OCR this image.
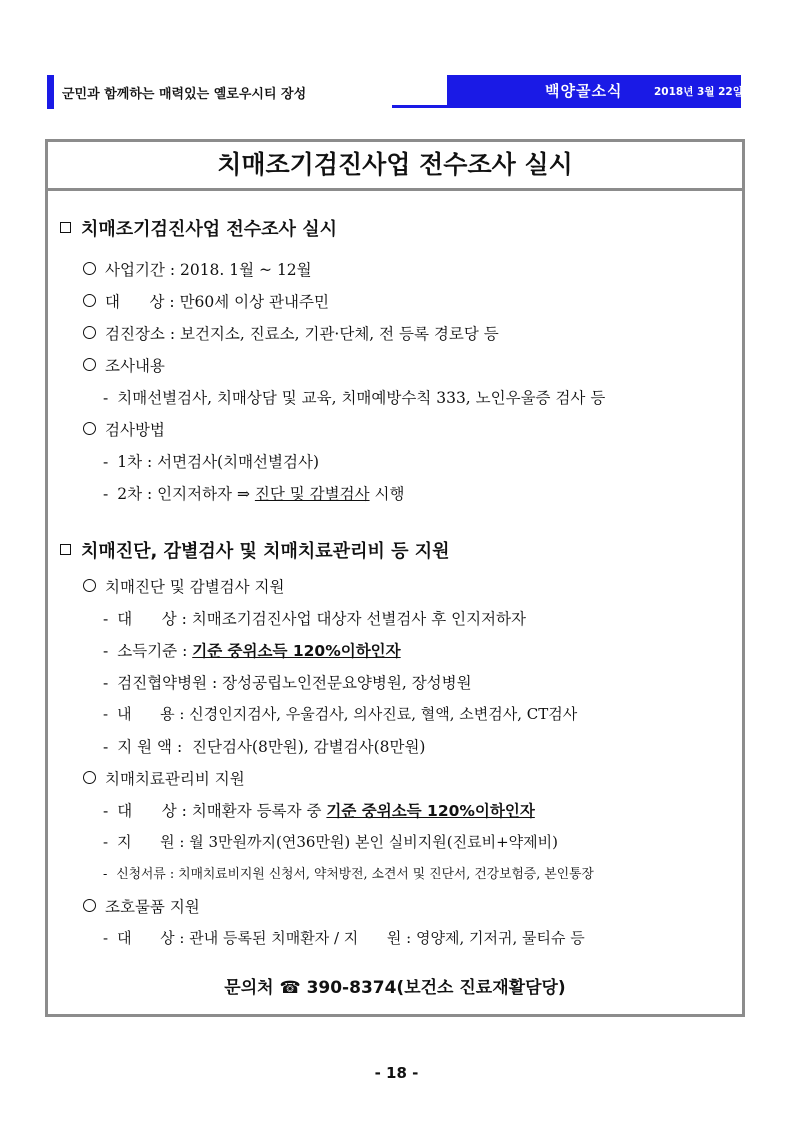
군민과 함께하는 매력있는 옐로우시티 장성	백양골소식	2018년 3월 22일(목)
치매조기검진사업 전수조사 실시
치매조기검진사업 전수조사 실시
사업기간 : 2018. 1월 ~ 12월
대      상 : 만60세 이상 관내주민
검진장소 : 보건지소, 진료소, 기관·단체, 전 등록 경로당 등
조사내용
- 치매선별검사, 치매상담 및 교육, 치매예방수칙 333, 노인우울증 검사 등
검사방법
- 1차 : 서면검사(치매선별검사)
- 2차 : 인지저하자 ⇒ 진단 및 감별검사 시행
치매진단, 감별검사 및 치매치료관리비 등 지원
치매진단 및 감별검사 지원
- 대      상 : 치매조기검진사업 대상자 선별검사 후 인지저하자
- 소득기준 : 기준 중위소득 120%이하인자
- 검진협약병원 : 장성공립노인전문요양병원, 장성병원
- 내      용 : 신경인지검사, 우울검사, 의사진료, 혈액, 소변검사, CT검사
- 지 원 액 :  진단검사(8만원), 감별검사(8만원)
치매치료관리비 지원
- 대      상 : 치매환자 등록자 중 기준 중위소득 120%이하인자
- 지      원 : 월 3만원까지(연36만원) 본인 실비지원(진료비+약제비)
- 신청서류 : 치매치료비지원 신청서, 약처방전, 소견서 및 진단서, 건강보험증, 본인통장
조호물품 지원
- 대      상 : 관내 등록된 치매환자 / 지      원 : 영양제, 기저귀, 물티슈 등
문의처 ☎ 390-8374(보건소 진료재활담당)
- 18 -
